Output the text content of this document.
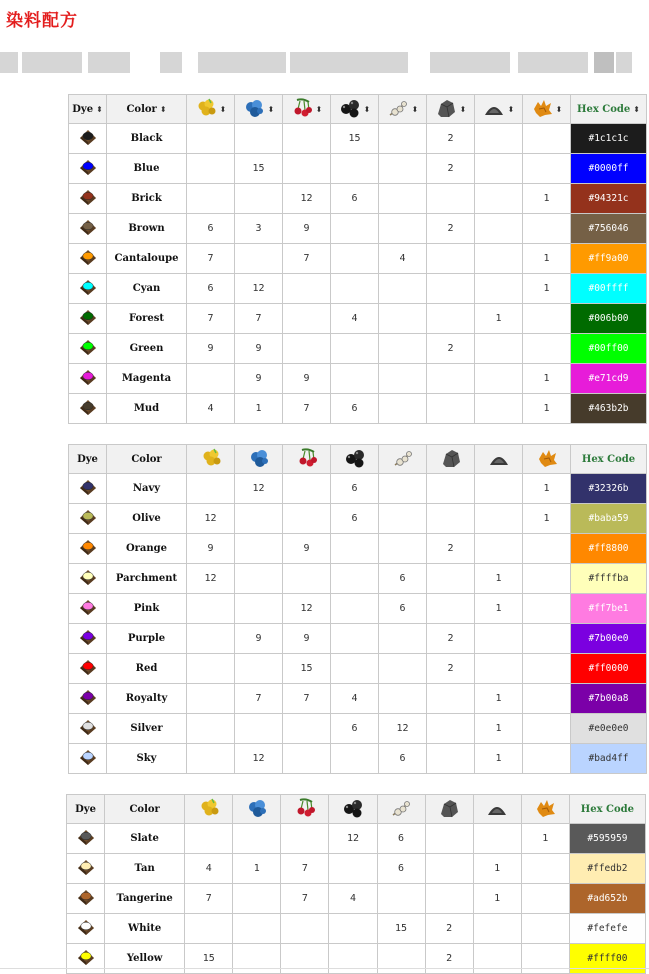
染料配方
Dye ⬍	Color ⬍	⬍	⬍	⬍	⬍	⬍	⬍	⬍	⬍	Hex Code ⬍
	Black				15		2			#1c1c1c
	Blue		15				2			#0000ff
	Brick			12	6				1	#94321c
	Brown	6	3	9			2			#756046
	Cantaloupe	7		7		4			1	#ff9a00
	Cyan	6	12						1	#00ffff
	Forest	7	7		4			1		#006b00
	Green	9	9				2			#00ff00
	Magenta		9	9					1	#e71cd9
	Mud	4	1	7	6				1	#463b2b
Dye	Color									Hex Code
	Navy		12		6				1	#32326b
	Olive	12			6				1	#baba59
	Orange	9		9			2			#ff8800
	Parchment	12				6		1		#ffffba
	Pink			12		6		1		#ff7be1
	Purple		9	9			2			#7b00e0
	Red			15			2			#ff0000
	Royalty		7	7	4			1		#7b00a8
	Silver				6	12		1		#e0e0e0
	Sky		12			6		1		#bad4ff
Dye	Color									Hex Code
	Slate				12	6			1	#595959
	Tan	4	1	7		6		1		#ffedb2
	Tangerine	7		7	4			1		#ad652b
	White					15	2			#fefefe
	Yellow	15					2			#ffff00
